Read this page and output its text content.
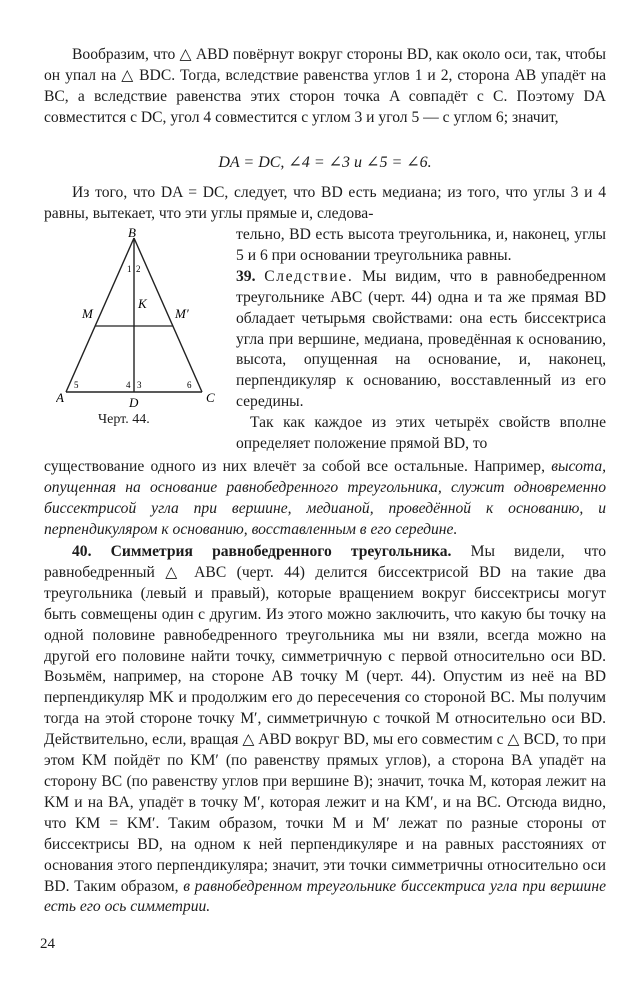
Вообразим, что △ ABD повёрнут вокруг стороны BD, как около оси, так, чтобы он упал на △ BDC. Тогда, вследствие равенства углов 1 и 2, сторона AB упадёт на BC, а вследствие равенства этих сторон точка A совпадёт с C. Поэтому DA совместится с DC, угол 4 совместится с углом 3 и угол 5 — с углом 6; значит,

DA = DC, ∠4 = ∠3 и ∠5 = ∠6.

Из того, что DA = DC, следует, что BD есть медиана; из того, что углы 3 и 4 равны, вытекает, что эти углы прямые и, следова-

B
A	C
D
M	M′
K
1 2
3
4
5	6
Черт. 44.

тельно, BD есть высота треугольника, и, наконец, углы 5 и 6 при основании треугольника равны.

39. Следствие. Мы видим, что в равнобедренном треугольнике ABC (черт. 44) одна и та же прямая BD обладает четырьмя свойствами: она есть биссектриса угла при вершине, медиана, проведённая к основанию, высота, опущенная на основание, и, наконец, перпендикуляр к основанию, восставленный из его середины.

Так как каждое из этих четырёх свойств вполне определяет положение прямой BD, то

существование одного из них влечёт за собой все остальные. Например, высота, опущенная на основание равнобедренного треугольника, служит одновременно биссектрисой угла при вершине, медианой, проведённой к основанию, и перпендикуляром к основанию, восставленным в его середине.

40. Симметрия равнобедренного треугольника. Мы видели, что равнобедренный △ ABC (черт. 44) делится биссектрисой BD на такие два треугольника (левый и правый), которые вращением вокруг биссектрисы могут быть совмещены один с другим. Из этого можно заключить, что какую бы точку на одной половине равнобедренного треугольника мы ни взяли, всегда можно на другой его половине найти точку, симметричную с первой относительно оси BD. Возьмём, например, на стороне AB точку M (черт. 44). Опустим из неё на BD перпендикуляр MK и продолжим его до пересечения со стороной BC. Мы получим тогда на этой стороне точку M′, симметричную с точкой M относительно оси BD. Действительно, если, вращая △ ABD вокруг BD, мы его совместим с △ BCD, то при этом KM пойдёт по KM′ (по равенству прямых углов), а сторона BA упадёт на сторону BC (по равенству углов при вершине B); значит, точка M, которая лежит на KM и на BA, упадёт в точку M′, которая лежит и на KM′, и на BC. Отсюда видно, что KM = KM′. Таким образом, точки M и M′ лежат по разные стороны от биссектрисы BD, на одном к ней перпендикуляре и на равных расстояниях от основания этого перпендикуляра; значит, эти точки симметричны относительно оси BD. Таким образом, в равнобедренном треугольнике биссектриса угла при вершине есть его ось симметрии.

24
